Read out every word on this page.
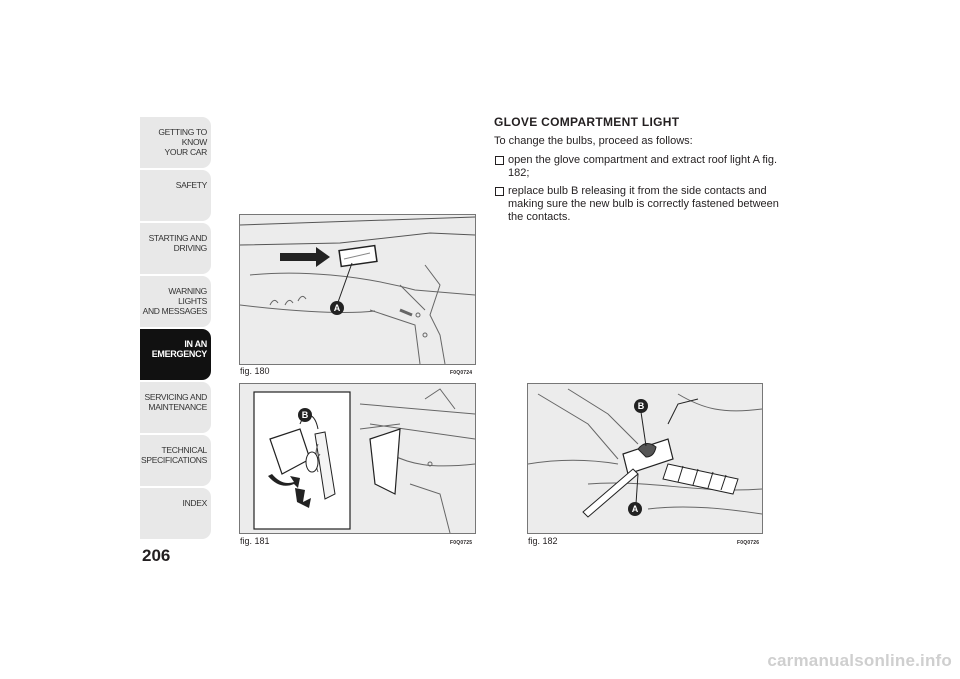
GETTING TO KNOW
YOUR CAR
SAFETY
STARTING AND
DRIVING
WARNING LIGHTS
AND MESSAGES
IN AN
EMERGENCY
SERVICING AND
MAINTENANCE
TECHNICAL
SPECIFICATIONS
INDEX
206
A
fig. 180	F0Q0724
B
fig. 181	F0Q0725
GLOVE COMPARTMENT LIGHT
To change the bulbs, proceed as follows:
open the glove compartment and extract roof light A fig. 182;
replace bulb B releasing it from the side contacts and making sure the new bulb is correctly fastened between the contacts.
B
A
fig. 182	F0Q0726
carmanualsonline.info
